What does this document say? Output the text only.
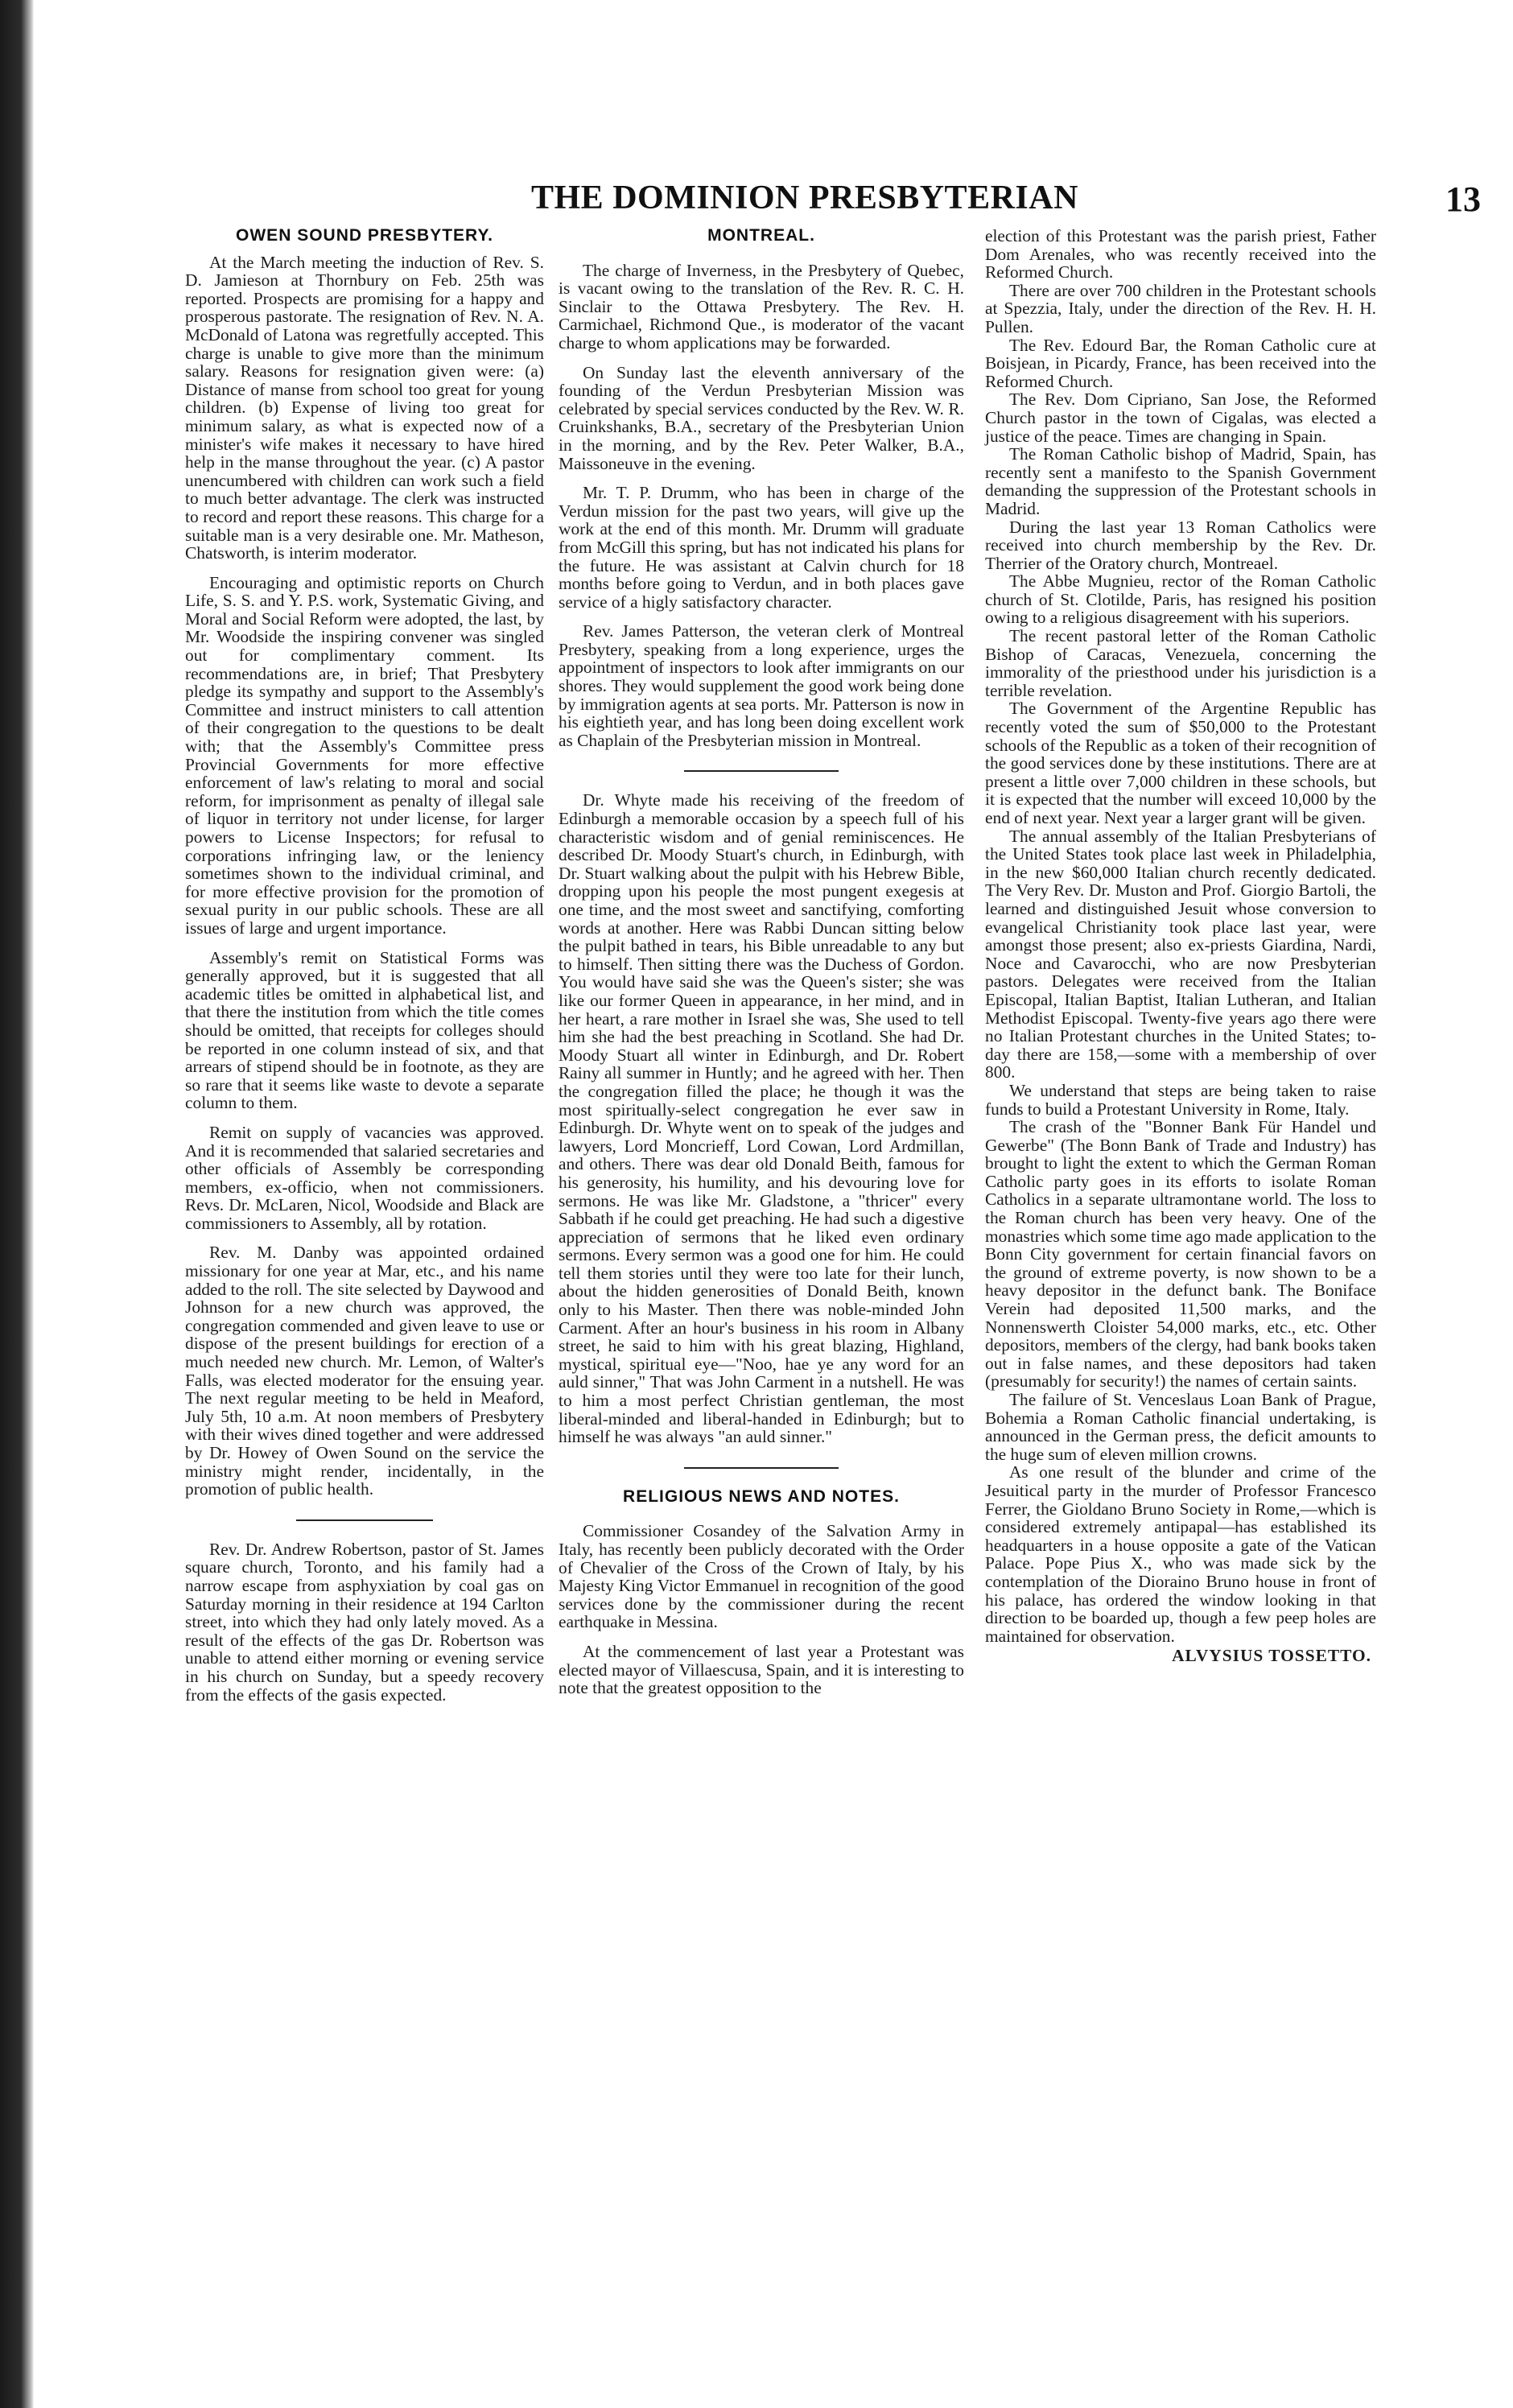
THE DOMINION PRESBYTERIAN	13
OWEN SOUND PRESBYTERY.

At the March meeting the induction of Rev. S. D. Jamieson at Thornbury on Feb. 25th was reported. Prospects are promising for a happy and prosperous pastorate. The resignation of Rev. N. A. McDonald of Latona was regretfully accepted. This charge is unable to give more than the minimum salary. Reasons for resignation given were: (a) Distance of manse from school too great for young children. (b) Expense of living too great for minimum salary, as what is expected now of a minister's wife makes it necessary to have hired help in the manse throughout the year. (c) A pastor unencumbered with children can work such a field to much better advantage. The clerk was instructed to record and report these reasons. This charge for a suitable man is a very desirable one. Mr. Matheson, Chatsworth, is interim moderator.

Encouraging and optimistic reports on Church Life, S. S. and Y. P.S. work, Systematic Giving, and Moral and Social Reform were adopted, the last, by Mr. Woodside the inspiring convener was singled out for complimentary comment. Its recommendations are, in brief; That Presbytery pledge its sympathy and support to the Assembly's Committee and instruct ministers to call attention of their congregation to the questions to be dealt with; that the Assembly's Committee press Provincial Governments for more effective enforcement of law's relating to moral and social reform, for imprisonment as penalty of illegal sale of liquor in territory not under license, for larger powers to License Inspectors; for refusal to corporations infringing law, or the leniency sometimes shown to the individual criminal, and for more effective provision for the promotion of sexual purity in our public schools. These are all issues of large and urgent importance.

Assembly's remit on Statistical Forms was generally approved, but it is suggested that all academic titles be omitted in alphabetical list, and that there the institution from which the title comes should be omitted, that receipts for colleges should be reported in one column instead of six, and that arrears of stipend should be in footnote, as they are so rare that it seems like waste to devote a separate column to them.

Remit on supply of vacancies was approved. And it is recommended that salaried secretaries and other officials of Assembly be corresponding members, ex-officio, when not commissioners. Revs. Dr. McLaren, Nicol, Woodside and Black are commissioners to Assembly, all by rotation.

Rev. M. Danby was appointed ordained missionary for one year at Mar, etc., and his name added to the roll. The site selected by Daywood and Johnson for a new church was approved, the congregation commended and given leave to use or dispose of the present buildings for erection of a much needed new church. Mr. Lemon, of Walter's Falls, was elected moderator for the ensuing year. The next regular meeting to be held in Meaford, July 5th, 10 a.m. At noon members of Presbytery with their wives dined together and were addressed by Dr. Howey of Owen Sound on the service the ministry might render, incidentally, in the promotion of public health.

Rev. Dr. Andrew Robertson, pastor of St. James square church, Toronto, and his family had a narrow escape from asphyxiation by coal gas on Saturday morning in their residence at 194 Carlton street, into which they had only lately moved. As a result of the effects of the gas Dr. Robertson was unable to attend either morning or evening service in his church on Sunday, but a speedy recovery from the effects of the gasis expected.

MONTREAL.

The charge of Inverness, in the Presbytery of Quebec, is vacant owing to the translation of the Rev. R. C. H. Sinclair to the Ottawa Presbytery. The Rev. H. Carmichael, Richmond Que., is moderator of the vacant charge to whom applications may be forwarded.

On Sunday last the eleventh anniversary of the founding of the Verdun Presbyterian Mission was celebrated by special services conducted by the Rev. W. R. Cruinkshanks, B.A., secretary of the Presbyterian Union in the morning, and by the Rev. Peter Walker, B.A., Maissoneuve in the evening.

Mr. T. P. Drumm, who has been in charge of the Verdun mission for the past two years, will give up the work at the end of this month. Mr. Drumm will graduate from McGill this spring, but has not indicated his plans for the future. He was assistant at Calvin church for 18 months before going to Verdun, and in both places gave service of a higly satisfactory character.

Rev. James Patterson, the veteran clerk of Montreal Presbytery, speaking from a long experience, urges the appointment of inspectors to look after immigrants on our shores. They would supplement the good work being done by immigration agents at sea ports. Mr. Patterson is now in his eightieth year, and has long been doing excellent work as Chaplain of the Presbyterian mission in Montreal.

Dr. Whyte made his receiving of the freedom of Edinburgh a memorable occasion by a speech full of his characteristic wisdom and of genial reminiscences. He described Dr. Moody Stuart's church, in Edinburgh, with Dr. Stuart walking about the pulpit with his Hebrew Bible, dropping upon his people the most pungent exegesis at one time, and the most sweet and sanctifying, comforting words at another. Here was Rabbi Duncan sitting below the pulpit bathed in tears, his Bible unreadable to any but to himself. Then sitting there was the Duchess of Gordon. You would have said she was the Queen's sister; she was like our former Queen in appearance, in her mind, and in her heart, a rare mother in Israel she was, She used to tell him she had the best preaching in Scotland. She had Dr. Moody Stuart all winter in Edinburgh, and Dr. Robert Rainy all summer in Huntly; and he agreed with her. Then the congregation filled the place; he though it was the most spiritually-select congregation he ever saw in Edinburgh. Dr. Whyte went on to speak of the judges and lawyers, Lord Moncrieff, Lord Cowan, Lord Ardmillan, and others. There was dear old Donald Beith, famous for his generosity, his humility, and his devouring love for sermons. He was like Mr. Gladstone, a "thricer" every Sabbath if he could get preaching. He had such a digestive appreciation of sermons that he liked even ordinary sermons. Every sermon was a good one for him. He could tell them stories until they were too late for their lunch, about the hidden generosities of Donald Beith, known only to his Master. Then there was noble-minded John Carment. After an hour's business in his room in Albany street, he said to him with his great blazing, Highland, mystical, spiritual eye—"Noo, hae ye any word for an auld sinner," That was John Carment in a nutshell. He was to him a most perfect Christian gentleman, the most liberal-minded and liberal-handed in Edinburgh; but to himself he was always "an auld sinner."

RELIGIOUS NEWS AND NOTES.

Commissioner Cosandey of the Salvation Army in Italy, has recently been publicly decorated with the Order of Chevalier of the Cross of the Crown of Italy, by his Majesty King Victor Emmanuel in recognition of the good services done by the commissioner during the recent earthquake in Messina.

At the commencement of last year a Protestant was elected mayor of Villaescusa, Spain, and it is interesting to note that the greatest opposition to the

election of this Protestant was the parish priest, Father Dom Arenales, who was recently received into the Reformed Church.

There are over 700 children in the Protestant schools at Spezzia, Italy, under the direction of the Rev. H. H. Pullen.

The Rev. Edourd Bar, the Roman Catholic cure at Boisjean, in Picardy, France, has been received into the Reformed Church.

The Rev. Dom Cipriano, San Jose, the Reformed Church pastor in the town of Cigalas, was elected a justice of the peace. Times are changing in Spain.

The Roman Catholic bishop of Madrid, Spain, has recently sent a manifesto to the Spanish Government demanding the suppression of the Protestant schools in Madrid.

During the last year 13 Roman Catholics were received into church membership by the Rev. Dr. Therrier of the Oratory church, Montreael.

The Abbe Mugnieu, rector of the Roman Catholic church of St. Clotilde, Paris, has resigned his position owing to a religious disagreement with his superiors.

The recent pastoral letter of the Roman Catholic Bishop of Caracas, Venezuela, concerning the immorality of the priesthood under his jurisdiction is a terrible revelation.

The Government of the Argentine Republic has recently voted the sum of $50,000 to the Protestant schools of the Republic as a token of their recognition of the good services done by these institutions. There are at present a little over 7,000 children in these schools, but it is expected that the number will exceed 10,000 by the end of next year. Next year a larger grant will be given.

The annual assembly of the Italian Presbyterians of the United States took place last week in Philadelphia, in the new $60,000 Italian church recently dedicated. The Very Rev. Dr. Muston and Prof. Giorgio Bartoli, the learned and distinguished Jesuit whose conversion to evangelical Christianity took place last year, were amongst those present; also ex-priests Giardina, Nardi, Noce and Cavarocchi, who are now Presbyterian pastors. Delegates were received from the Italian Episcopal, Italian Baptist, Italian Lutheran, and Italian Methodist Episcopal. Twenty-five years ago there were no Italian Protestant churches in the United States; to-day there are 158,—some with a membership of over 800.

We understand that steps are being taken to raise funds to build a Protestant University in Rome, Italy.

The crash of the "Bonner Bank Für Handel und Gewerbe" (The Bonn Bank of Trade and Industry) has brought to light the extent to which the German Roman Catholic party goes in its efforts to isolate Roman Catholics in a separate ultramontane world. The loss to the Roman church has been very heavy. One of the monastries which some time ago made application to the Bonn City government for certain financial favors on the ground of extreme poverty, is now shown to be a heavy depositor in the defunct bank. The Boniface Verein had deposited 11,500 marks, and the Nonnenswerth Cloister 54,000 marks, etc., etc. Other depositors, members of the clergy, had bank books taken out in false names, and these depositors had taken (presumably for security!) the names of certain saints.

The failure of St. Venceslaus Loan Bank of Prague, Bohemia a Roman Catholic financial undertaking, is announced in the German press, the deficit amounts to the huge sum of eleven million crowns.

As one result of the blunder and crime of the Jesuitical party in the murder of Professor Francesco Ferrer, the Gioldano Bruno Society in Rome,—which is considered extremely antipapal—has established its headquarters in a house opposite a gate of the Vatican Palace. Pope Pius X., who was made sick by the contemplation of the Dioraino Bruno house in front of his palace, has ordered the window looking in that direction to be boarded up, though a few peep holes are maintained for observation.

ALVYSIUS TOSSETTO.
